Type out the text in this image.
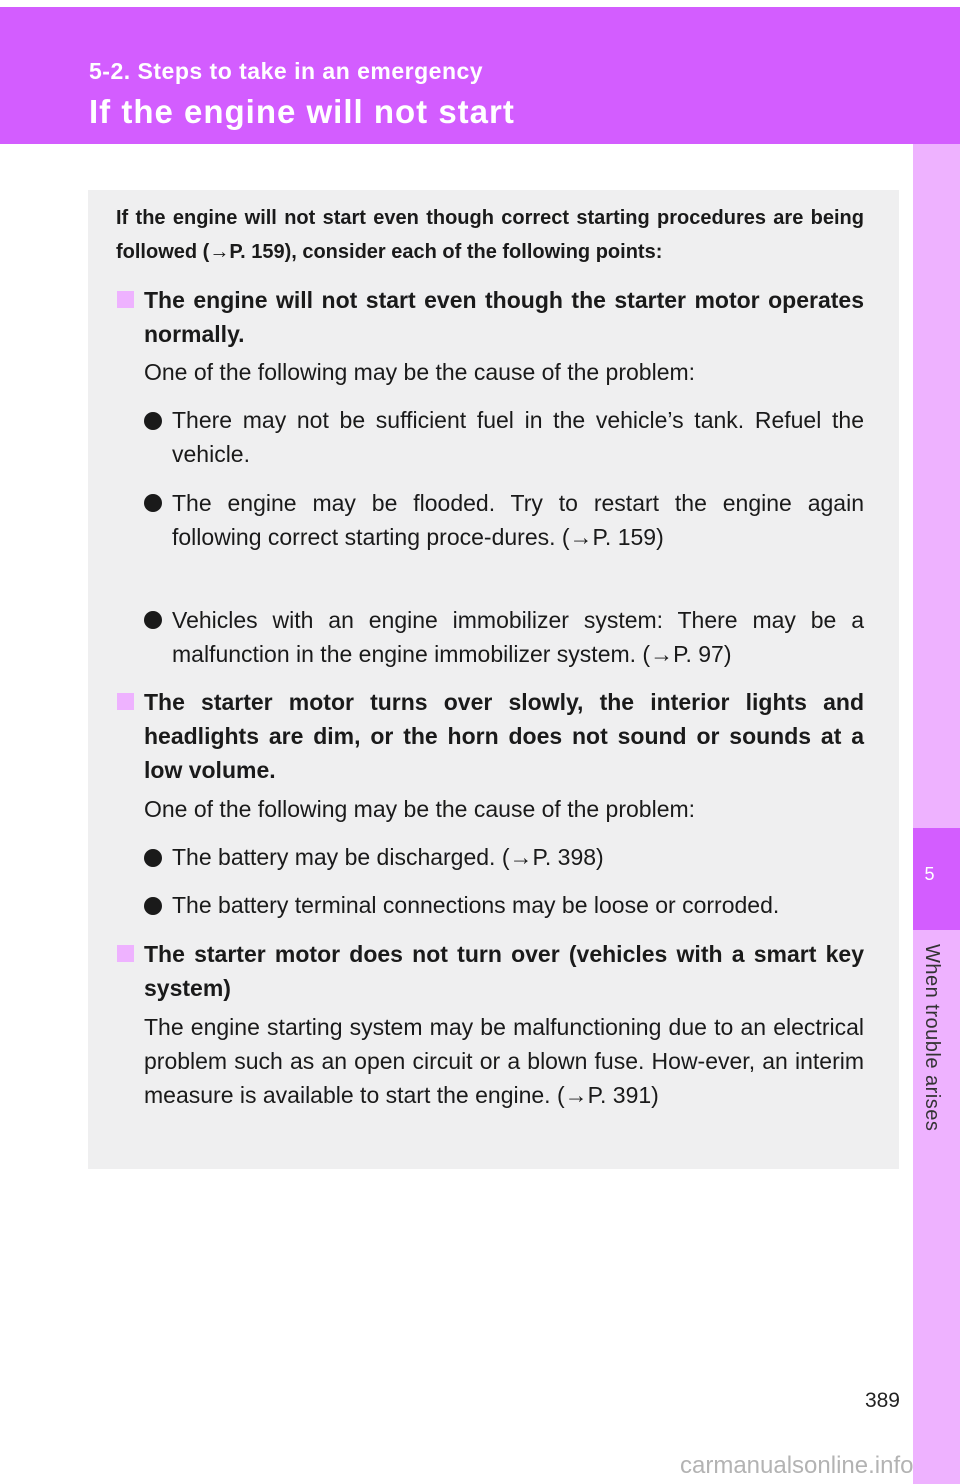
5-2. Steps to take in an emergency
If the engine will not start
5
When trouble arises
If the engine will not start even though correct starting procedures are being followed (→P. 159), consider each of the following points:
The engine will not start even though the starter motor operates normally.
One of the following may be the cause of the problem:
There may not be sufficient fuel in the vehicle’s tank. Refuel the vehicle.
The engine may be flooded. Try to restart the engine again following correct starting proce-dures. (→P. 159)
Vehicles with an engine immobilizer system: There may be a malfunction in the engine immobilizer system. (→P. 97)
The starter motor turns over slowly, the interior lights and headlights are dim, or the horn does not sound or sounds at a low volume.
One of the following may be the cause of the problem:
The battery may be discharged. (→P. 398)
The battery terminal connections may be loose or corroded.
The starter motor does not turn over (vehicles with a smart key system)
The engine starting system may be malfunctioning due to an electrical problem such as an open circuit or a blown fuse. How-ever, an interim measure is available to start the engine. (→P. 391)
389
carmanualsonline.info
